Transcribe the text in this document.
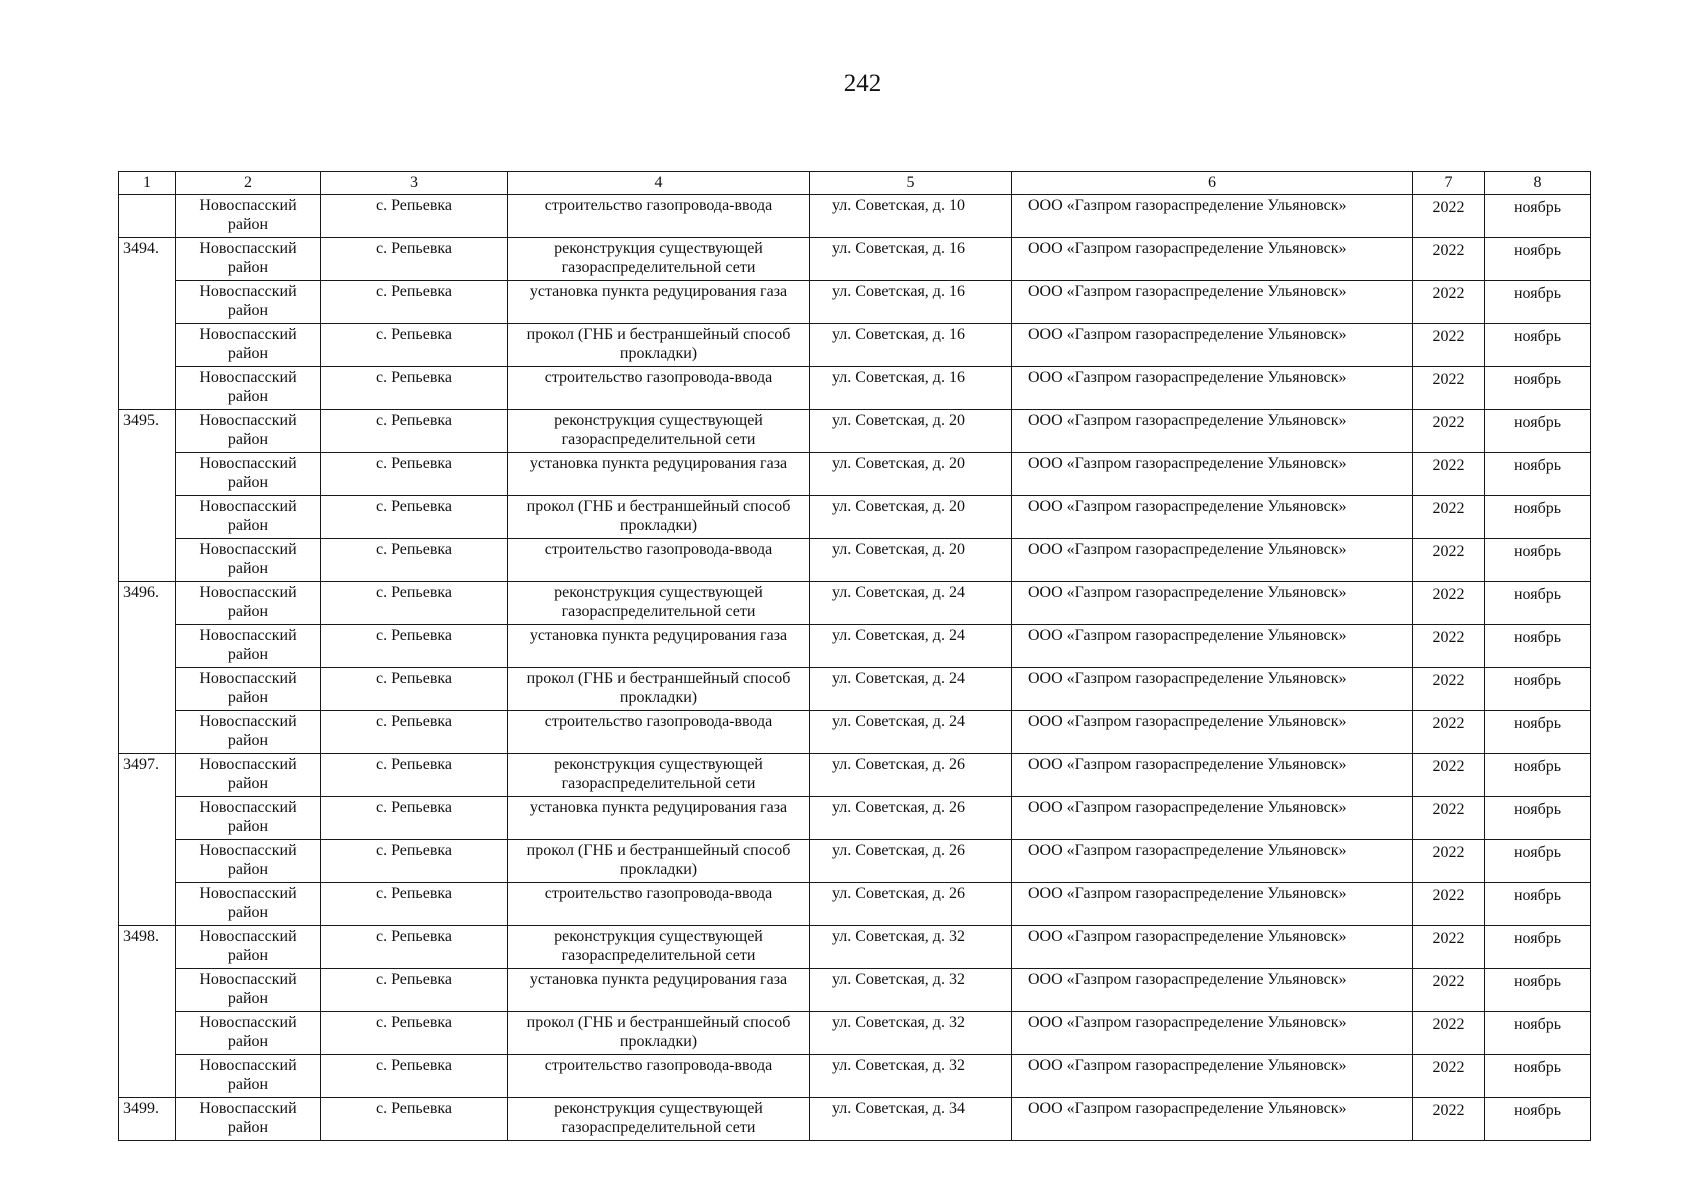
242
1	2	3	4	5	6	7	8
	Новоспасский район	с. Репьевка	строительство газопровода-ввода	ул. Советская, д. 10	ООО «Газпром газораспределение Ульяновск»	2022	ноябрь
3494.	Новоспасский район	с. Репьевка	реконструкция существующей газораспределительной сети	ул. Советская, д. 16	ООО «Газпром газораспределение Ульяновск»	2022	ноябрь
	Новоспасский район	с. Репьевка	установка пункта редуцирования газа	ул. Советская, д. 16	ООО «Газпром газораспределение Ульяновск»	2022	ноябрь
	Новоспасский район	с. Репьевка	прокол (ГНБ и бестраншейный способ прокладки)	ул. Советская, д. 16	ООО «Газпром газораспределение Ульяновск»	2022	ноябрь
	Новоспасский район	с. Репьевка	строительство газопровода-ввода	ул. Советская, д. 16	ООО «Газпром газораспределение Ульяновск»	2022	ноябрь
3495.	Новоспасский район	с. Репьевка	реконструкция существующей газораспределительной сети	ул. Советская, д. 20	ООО «Газпром газораспределение Ульяновск»	2022	ноябрь
	Новоспасский район	с. Репьевка	установка пункта редуцирования газа	ул. Советская, д. 20	ООО «Газпром газораспределение Ульяновск»	2022	ноябрь
	Новоспасский район	с. Репьевка	прокол (ГНБ и бестраншейный способ прокладки)	ул. Советская, д. 20	ООО «Газпром газораспределение Ульяновск»	2022	ноябрь
	Новоспасский район	с. Репьевка	строительство газопровода-ввода	ул. Советская, д. 20	ООО «Газпром газораспределение Ульяновск»	2022	ноябрь
3496.	Новоспасский район	с. Репьевка	реконструкция существующей газораспределительной сети	ул. Советская, д. 24	ООО «Газпром газораспределение Ульяновск»	2022	ноябрь
	Новоспасский район	с. Репьевка	установка пункта редуцирования газа	ул. Советская, д. 24	ООО «Газпром газораспределение Ульяновск»	2022	ноябрь
	Новоспасский район	с. Репьевка	прокол (ГНБ и бестраншейный способ прокладки)	ул. Советская, д. 24	ООО «Газпром газораспределение Ульяновск»	2022	ноябрь
	Новоспасский район	с. Репьевка	строительство газопровода-ввода	ул. Советская, д. 24	ООО «Газпром газораспределение Ульяновск»	2022	ноябрь
3497.	Новоспасский район	с. Репьевка	реконструкция существующей газораспределительной сети	ул. Советская, д. 26	ООО «Газпром газораспределение Ульяновск»	2022	ноябрь
	Новоспасский район	с. Репьевка	установка пункта редуцирования газа	ул. Советская, д. 26	ООО «Газпром газораспределение Ульяновск»	2022	ноябрь
	Новоспасский район	с. Репьевка	прокол (ГНБ и бестраншейный способ прокладки)	ул. Советская, д. 26	ООО «Газпром газораспределение Ульяновск»	2022	ноябрь
	Новоспасский район	с. Репьевка	строительство газопровода-ввода	ул. Советская, д. 26	ООО «Газпром газораспределение Ульяновск»	2022	ноябрь
3498.	Новоспасский район	с. Репьевка	реконструкция существующей газораспределительной сети	ул. Советская, д. 32	ООО «Газпром газораспределение Ульяновск»	2022	ноябрь
	Новоспасский район	с. Репьевка	установка пункта редуцирования газа	ул. Советская, д. 32	ООО «Газпром газораспределение Ульяновск»	2022	ноябрь
	Новоспасский район	с. Репьевка	прокол (ГНБ и бестраншейный способ прокладки)	ул. Советская, д. 32	ООО «Газпром газораспределение Ульяновск»	2022	ноябрь
	Новоспасский район	с. Репьевка	строительство газопровода-ввода	ул. Советская, д. 32	ООО «Газпром газораспределение Ульяновск»	2022	ноябрь
3499.	Новоспасский район	с. Репьевка	реконструкция существующей газораспределительной сети	ул. Советская, д. 34	ООО «Газпром газораспределение Ульяновск»	2022	ноябрь
